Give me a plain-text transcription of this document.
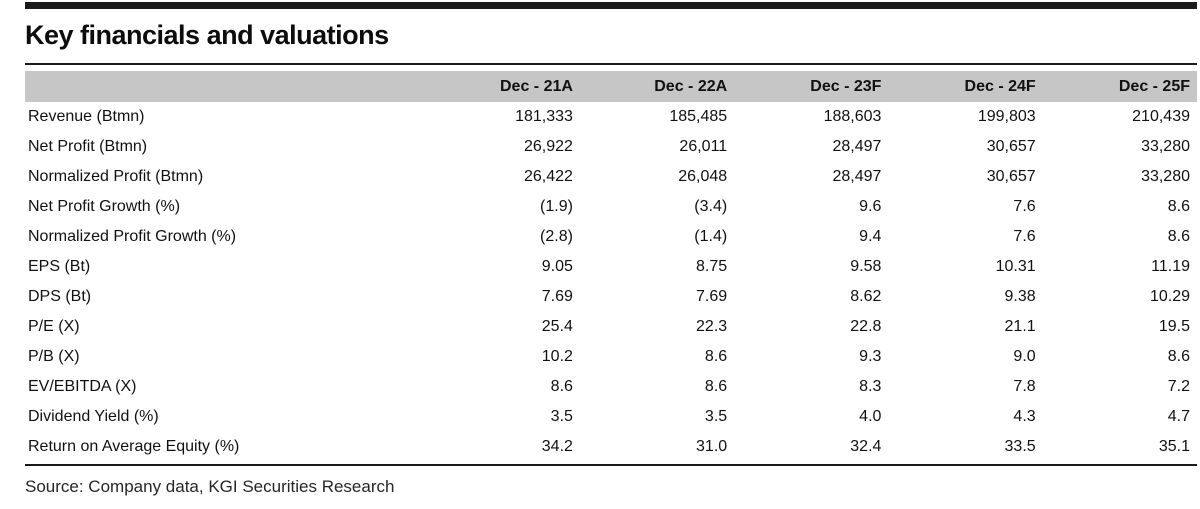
Key financials and valuations
	Dec - 21A	Dec - 22A	Dec - 23F	Dec - 24F	Dec - 25F
Revenue (Btmn)	181,333	185,485	188,603	199,803	210,439
Net Profit (Btmn)	26,922	26,011	28,497	30,657	33,280
Normalized Profit (Btmn)	26,422	26,048	28,497	30,657	33,280
Net Profit Growth (%)	(1.9)	(3.4)	9.6	7.6	8.6
Normalized Profit Growth (%)	(2.8)	(1.4)	9.4	7.6	8.6
EPS (Bt)	9.05	8.75	9.58	10.31	11.19
DPS (Bt)	7.69	7.69	8.62	9.38	10.29
P/E (X)	25.4	22.3	22.8	21.1	19.5
P/B (X)	10.2	8.6	9.3	9.0	8.6
EV/EBITDA (X)	8.6	8.6	8.3	7.8	7.2
Dividend Yield (%)	3.5	3.5	4.0	4.3	4.7
Return on Average Equity (%)	34.2	31.0	32.4	33.5	35.1
Source: Company data, KGI Securities Research
